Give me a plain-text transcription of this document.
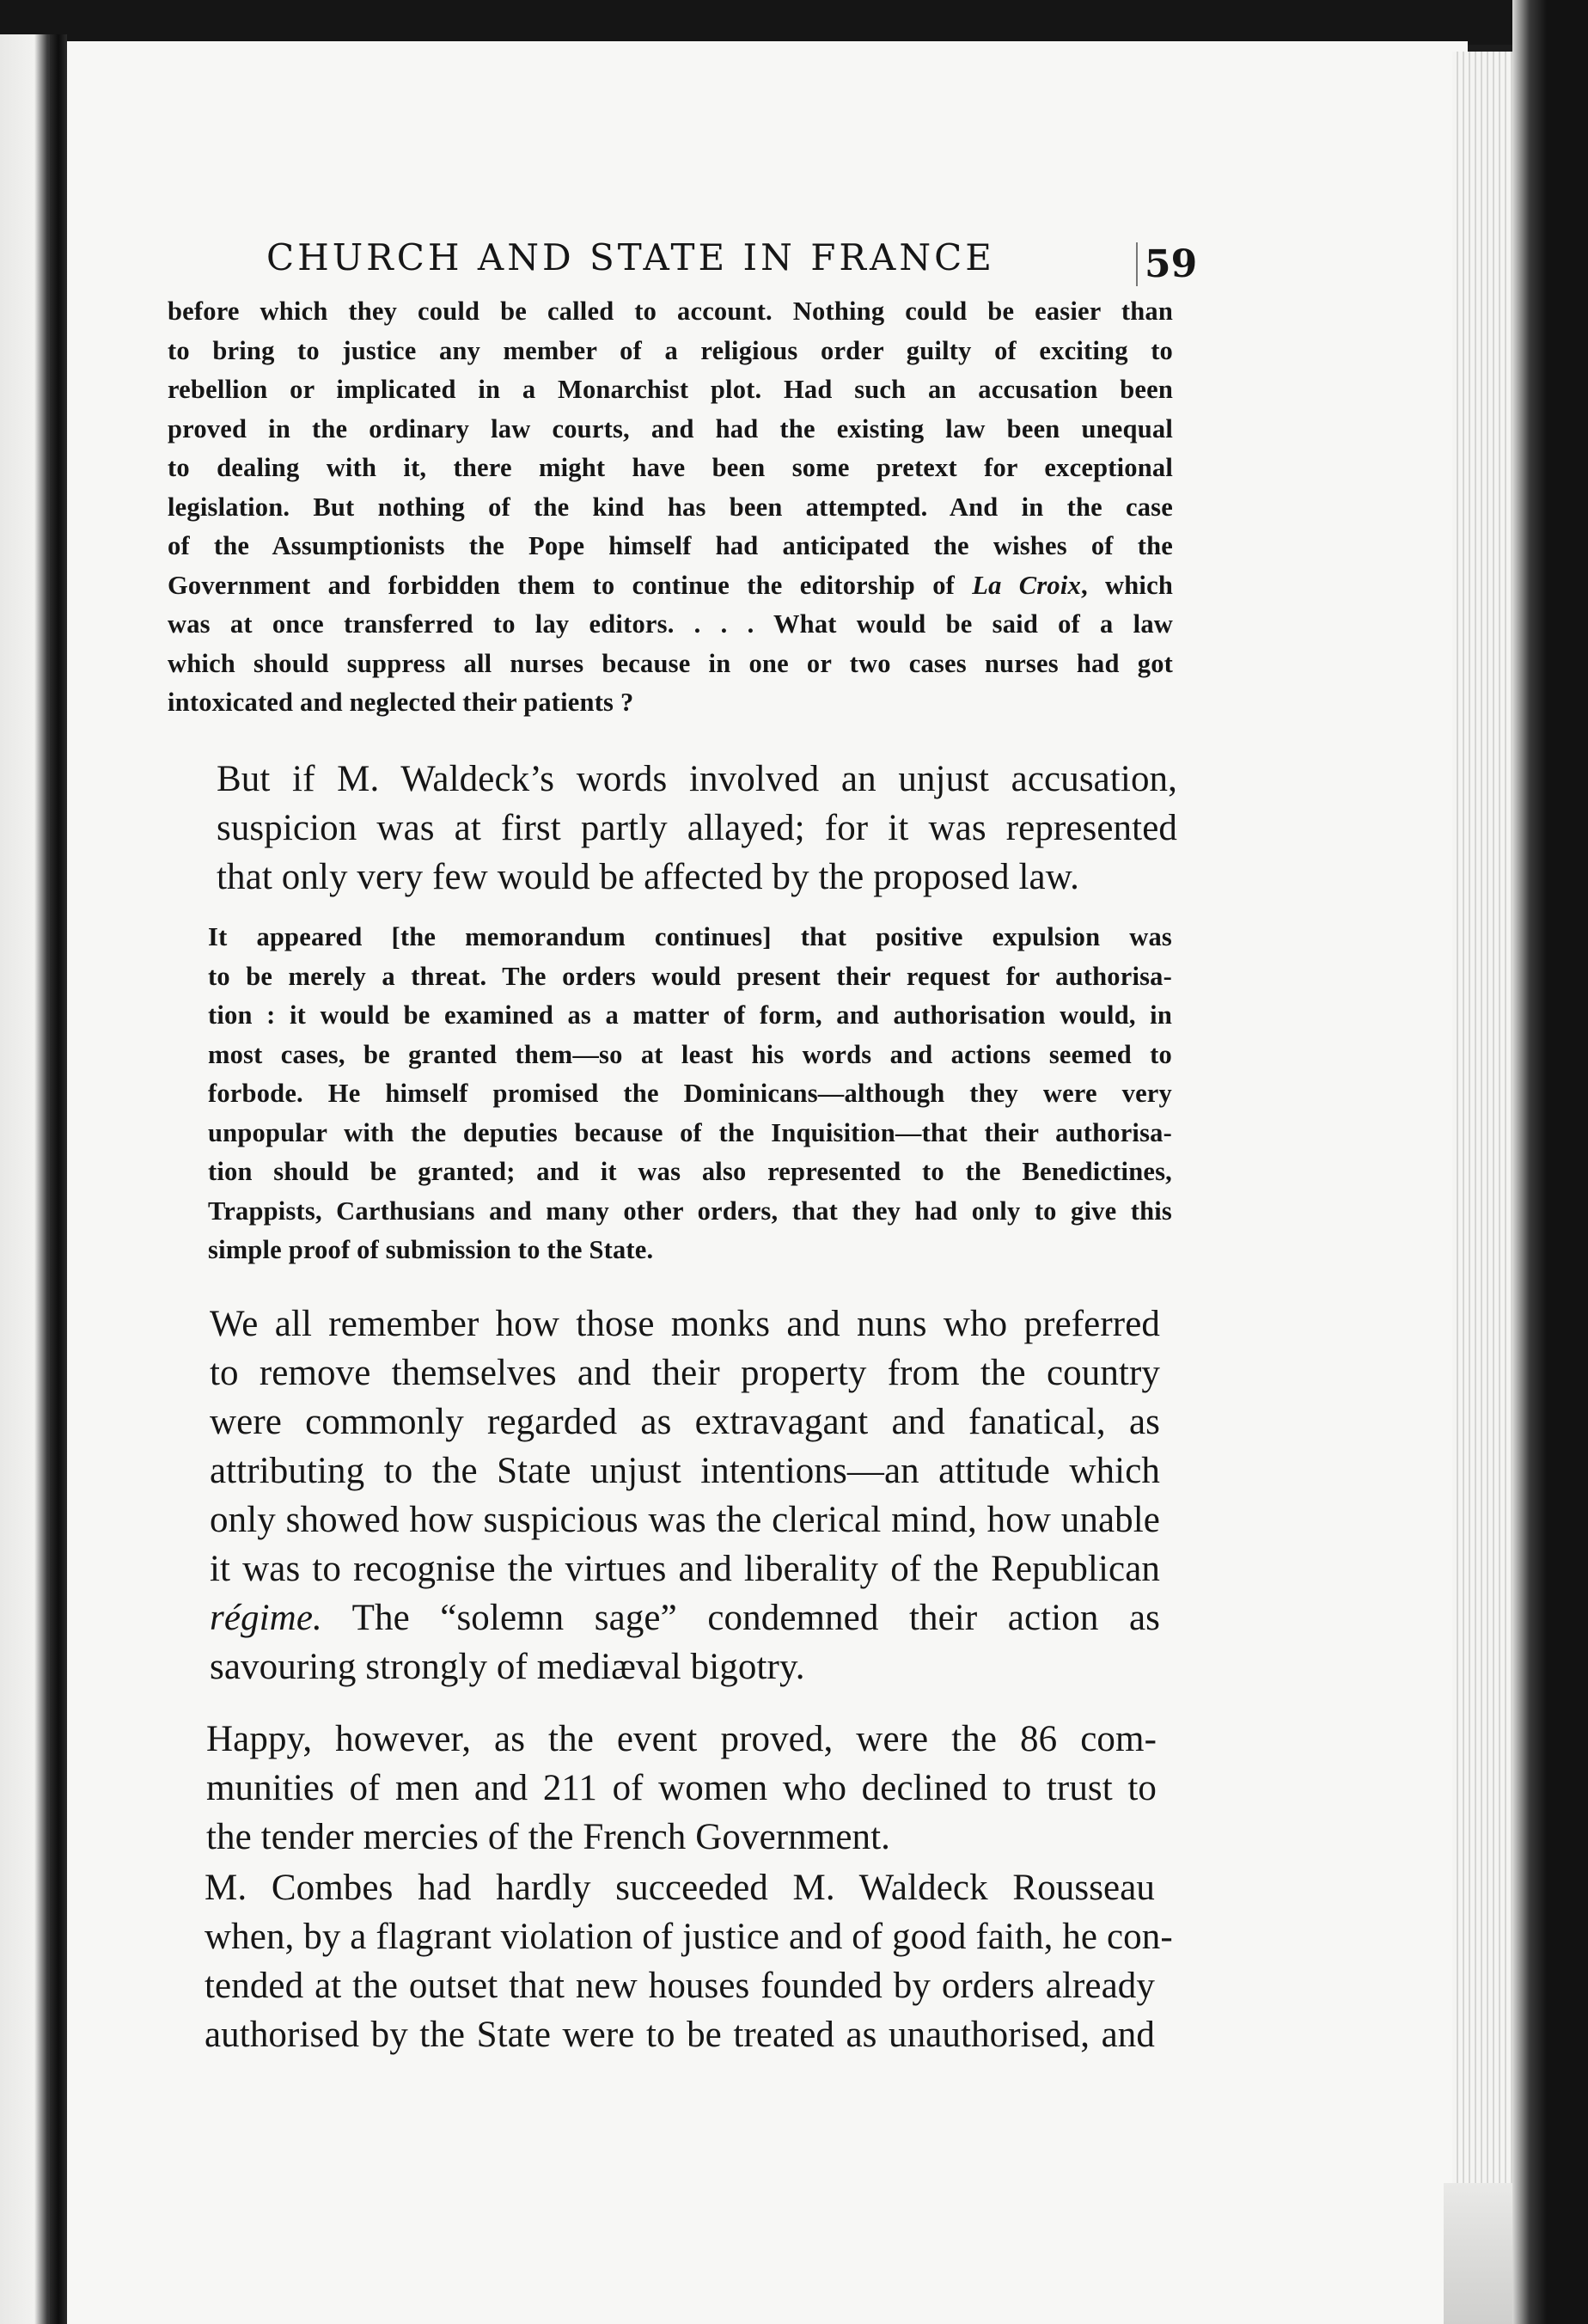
CHURCH AND STATE IN FRANCE	59
before which they could be called to account. Nothing could be easier than
to bring to justice any member of a religious order guilty of exciting to
rebellion or implicated in a Monarchist plot. Had such an accusation been
proved in the ordinary law courts, and had the existing law been unequal
to dealing with it, there might have been some pretext for exceptional
legislation. But nothing of the kind has been attempted. And in the case
of the Assumptionists the Pope himself had anticipated the wishes of the
Government and forbidden them to continue the editorship of La Croix, which
was at once transferred to lay editors. . . . What would be said of a law
which should suppress all nurses because in one or two cases nurses had got
intoxicated and neglected their patients ?
But if M. Waldeck’s words involved an unjust accusation,
suspicion was at first partly allayed; for it was represented
that only very few would be affected by the proposed law.
It appeared [the memorandum continues] that positive expulsion was
to be merely a threat. The orders would present their request for authorisa-
tion : it would be examined as a matter of form, and authorisation would, in
most cases, be granted them—so at least his words and actions seemed to
forbode. He himself promised the Dominicans—although they were very
unpopular with the deputies because of the Inquisition—that their authorisa-
tion should be granted; and it was also represented to the Benedictines,
Trappists, Carthusians and many other orders, that they had only to give this
simple proof of submission to the State.
We all remember how those monks and nuns who preferred
to remove themselves and their property from the country
were commonly regarded as extravagant and fanatical, as
attributing to the State unjust intentions—an attitude which
only showed how suspicious was the clerical mind, how unable
it was to recognise the virtues and liberality of the Republican
régime. The “solemn sage” condemned their action as
savouring strongly of mediæval bigotry.
Happy, however, as the event proved, were the 86 com-
munities of men and 211 of women who declined to trust to
the tender mercies of the French Government.
M. Combes had hardly succeeded M. Waldeck Rousseau
when, by a flagrant violation of justice and of good faith, he con-
tended at the outset that new houses founded by orders already
authorised by the State were to be treated as unauthorised, and
